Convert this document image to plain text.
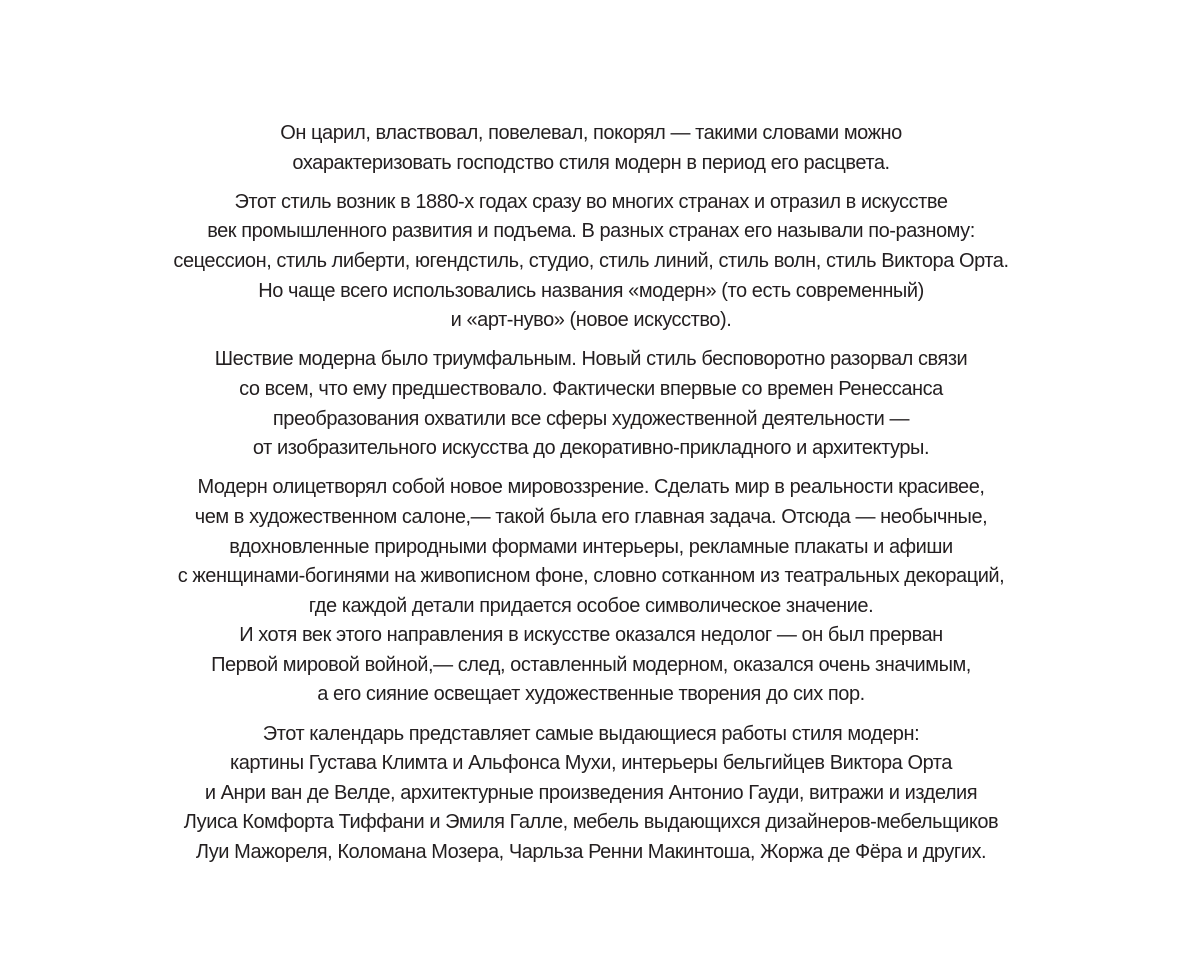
Он царил, властвовал, повелевал, покорял — такими словами можно
охарактеризовать господство стиля модерн в период его расцвета.

Этот стиль возник в 1880-х годах сразу во многих странах и отразил в искусстве
век промышленного развития и подъема. В разных странах его называли по-разному:
сецессион, стиль либерти, югендстиль, студио, стиль линий, стиль волн, стиль Виктора Орта.
Но чаще всего использовались названия «модерн» (то есть современный)
и «арт-нуво» (новое искусство).

Шествие модерна было триумфальным. Новый стиль бесповоротно разорвал связи
со всем, что ему предшествовало. Фактически впервые со времен Ренессанса
преобразования охватили все сферы художественной деятельности —
от изобразительного искусства до декоративно-прикладного и архитектуры.

Модерн олицетворял собой новое мировоззрение. Сделать мир в реальности красивее,
чем в художественном салоне,— такой была его главная задача. Отсюда — необычные,
вдохновленные природными формами интерьеры, рекламные плакаты и афиши
с женщинами-богинями на живописном фоне, словно сотканном из театральных декораций,
где каждой детали придается особое символическое значение.
И хотя век этого направления в искусстве оказался недолог — он был прерван
Первой мировой войной,— след, оставленный модерном, оказался очень значимым,
а его сияние освещает художественные творения до сих пор.

Этот календарь представляет самые выдающиеся работы стиля модерн:
картины Густава Климта и Альфонса Мухи, интерьеры бельгийцев Виктора Орта
и Анри ван де Велде, архитектурные произведения Антонио Гауди, витражи и изделия
Луиса Комфорта Тиффани и Эмиля Галле, мебель выдающихся дизайнеров-мебельщиков
Луи Мажореля, Коломана Мозера, Чарльза Ренни Макинтоша, Жоржа де Фёра и других.
